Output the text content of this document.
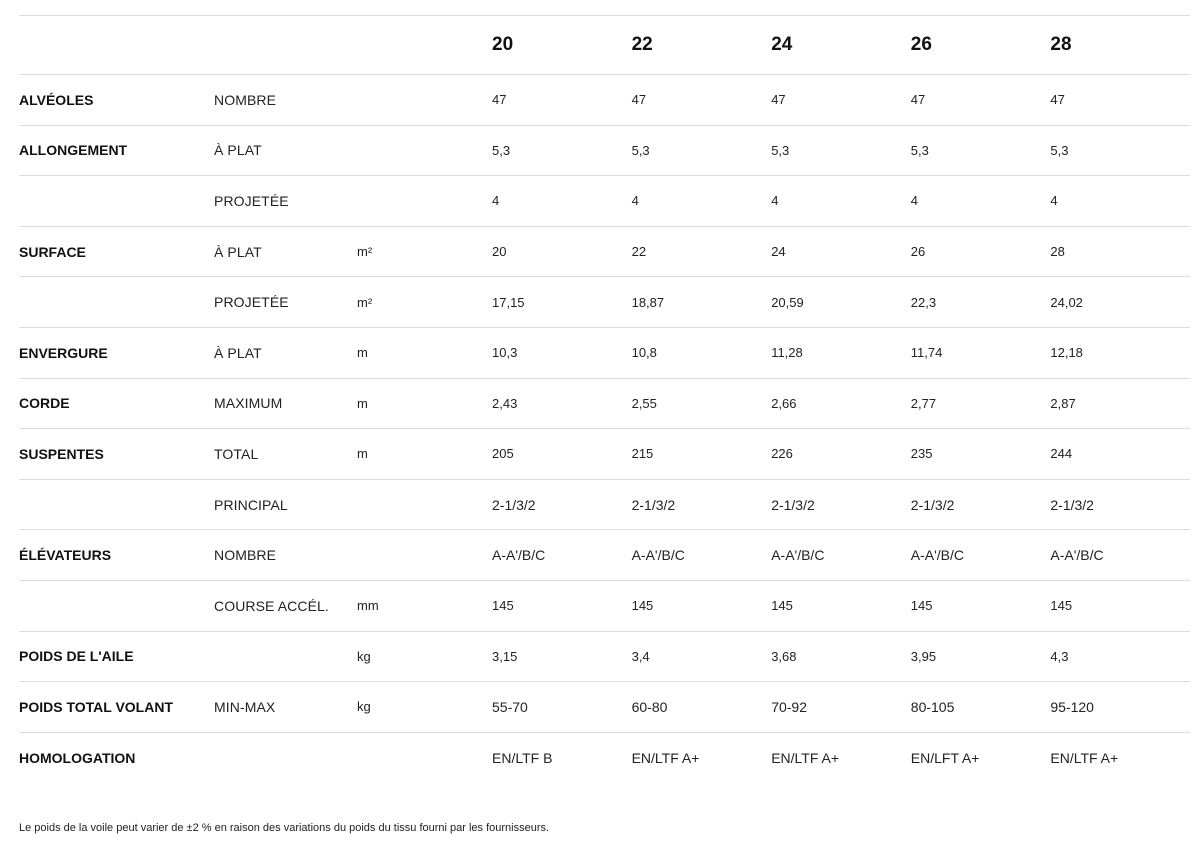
			20	22	24	26	28
ALVÉOLES	NOMBRE		47	47	47	47	47
ALLONGEMENT	À PLAT		5,3	5,3	5,3	5,3	5,3
	PROJETÉE		4	4	4	4	4
SURFACE	À PLAT	m²	20	22	24	26	28
	PROJETÉE	m²	17,15	18,87	20,59	22,3	24,02
ENVERGURE	À PLAT	m	10,3	10,8	11,28	11,74	12,18
CORDE	MAXIMUM	m	2,43	2,55	2,66	2,77	2,87
SUSPENTES	TOTAL	m	205	215	226	235	244
	PRINCIPAL		2-1/3/2	2-1/3/2	2-1/3/2	2-1/3/2	2-1/3/2
ÉLÉVATEURS	NOMBRE		A-A'/B/C	A-A'/B/C	A-A'/B/C	A-A'/B/C	A-A'/B/C
	COURSE ACCÉL.	mm	145	145	145	145	145
POIDS DE L'AILE		kg	3,15	3,4	3,68	3,95	4,3
POIDS TOTAL VOLANT	MIN-MAX	kg	55-70	60-80	70-92	80-105	95-120
HOMOLOGATION			EN/LTF B	EN/LTF A+	EN/LTF A+	EN/LFT A+	EN/LTF A+
Le poids de la voile peut varier de ±2 % en raison des variations du poids du tissu fourni par les fournisseurs.
